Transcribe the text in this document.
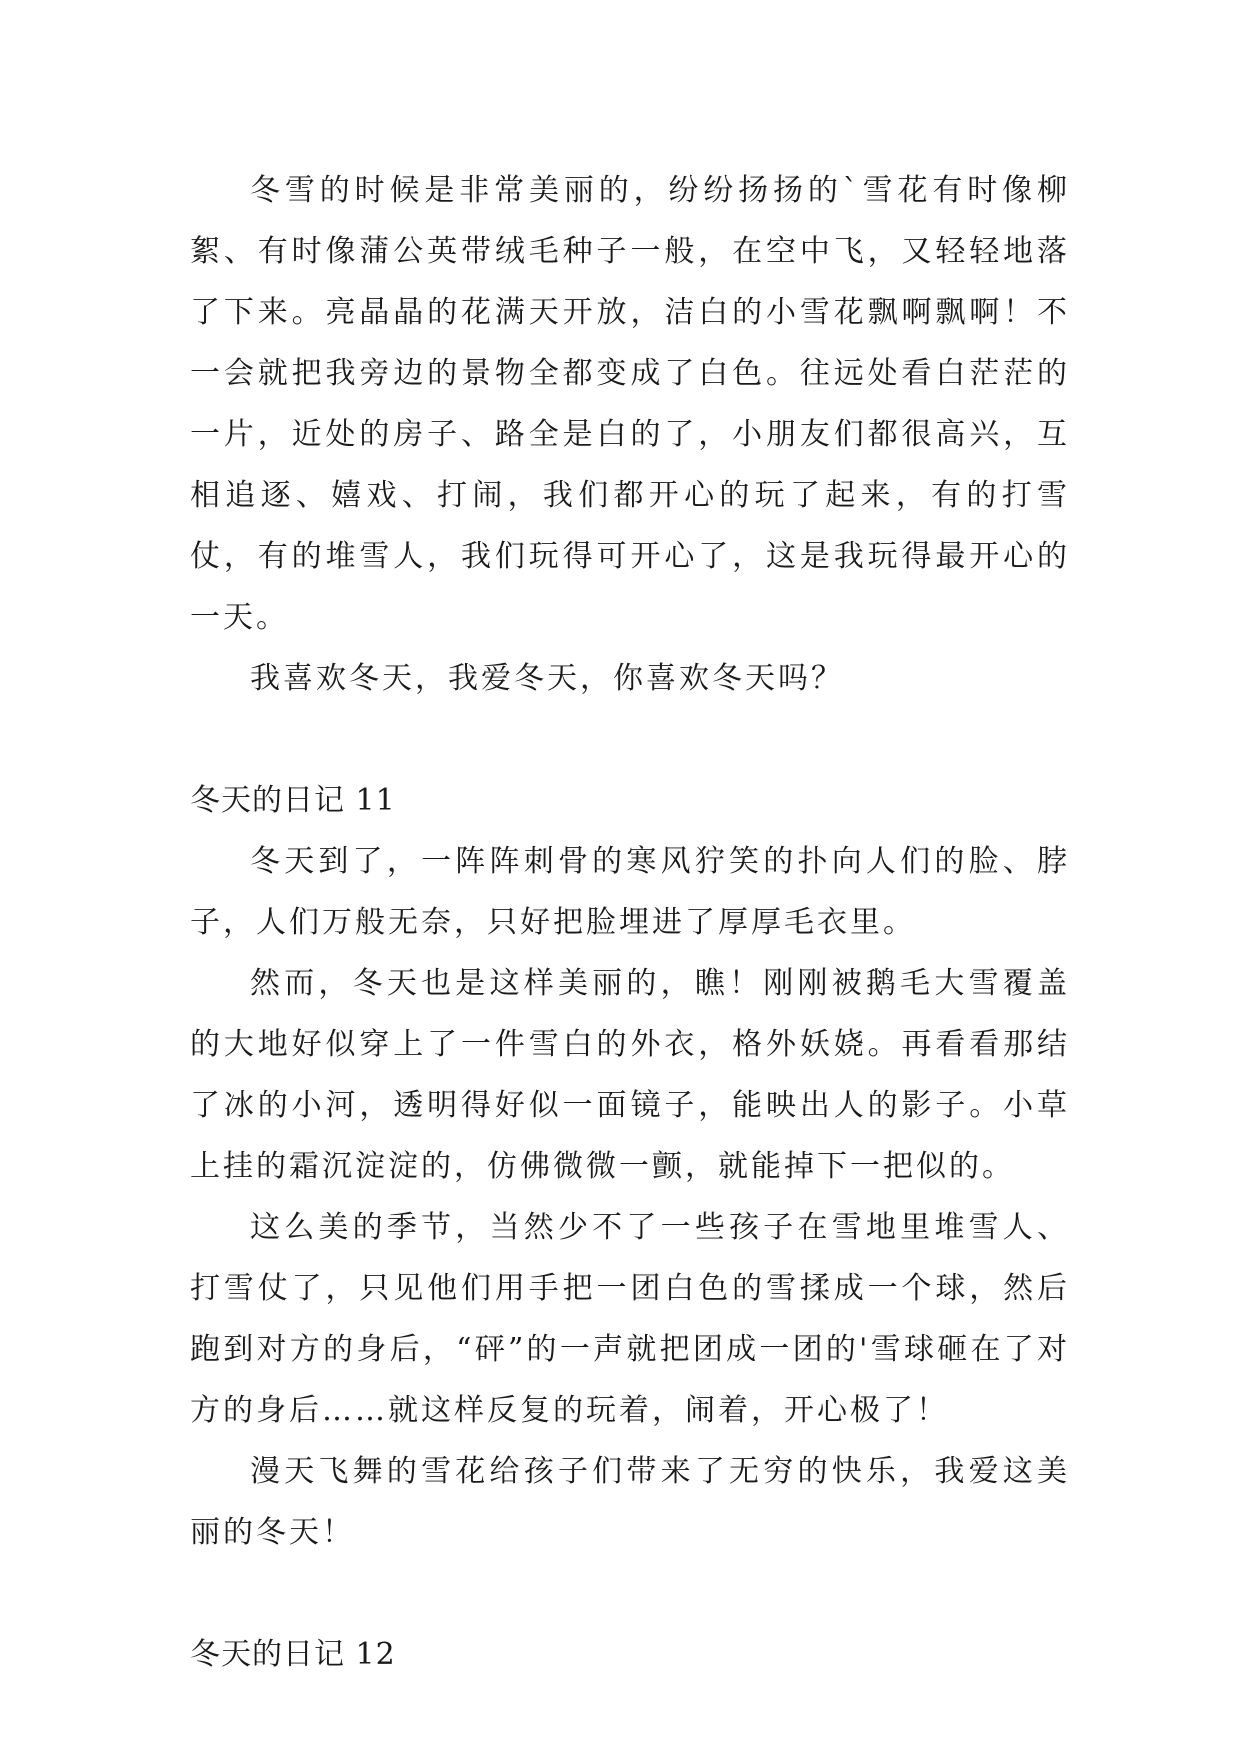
冬雪的时候是非常美丽的，纷纷扬扬的`雪花有时像柳絮、有时像蒲公英带绒毛种子一般，在空中飞，又轻轻地落了下来。亮晶晶的花满天开放，洁白的小雪花飘啊飘啊！不一会就把我旁边的景物全都变成了白色。往远处看白茫茫的一片，近处的房子、路全是白的了，小朋友们都很高兴，互相追逐、嬉戏、打闹，我们都开心的玩了起来，有的打雪仗，有的堆雪人，我们玩得可开心了，这是我玩得最开心的一天。

我喜欢冬天，我爱冬天，你喜欢冬天吗？

冬天的日记 11

冬天到了，一阵阵刺骨的寒风狞笑的扑向人们的脸、脖子，人们万般无奈，只好把脸埋进了厚厚毛衣里。

然而，冬天也是这样美丽的，瞧！刚刚被鹅毛大雪覆盖的大地好似穿上了一件雪白的外衣，格外妖娆。再看看那结了冰的小河，透明得好似一面镜子，能映出人的影子。小草上挂的霜沉淀淀的，仿佛微微一颤，就能掉下一把似的。

这么美的季节，当然少不了一些孩子在雪地里堆雪人、打雪仗了，只见他们用手把一团白色的雪揉成一个球，然后跑到对方的身后，“砰”的一声就把团成一团的'雪球砸在了对方的身后……就这样反复的玩着，闹着，开心极了！

漫天飞舞的雪花给孩子们带来了无穷的快乐，我爱这美丽的冬天！

冬天的日记 12
